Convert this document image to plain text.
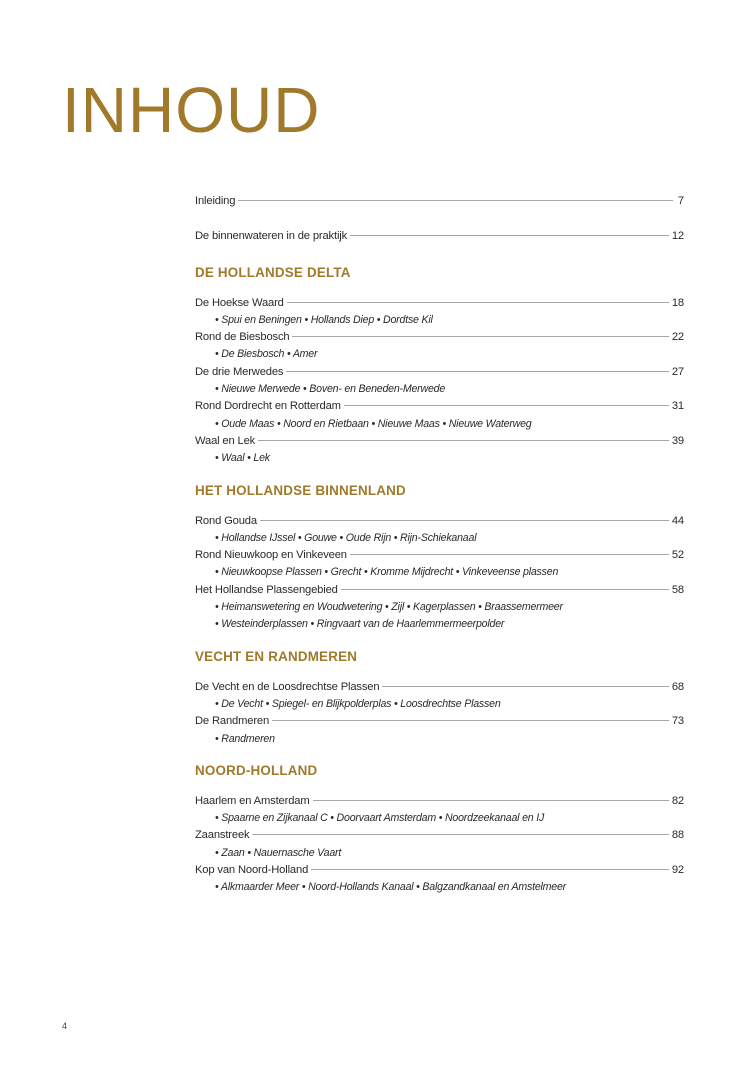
INHOUD
Inleiding	7
De binnenwateren in de praktijk	12
DE HOLLANDSE DELTA
De Hoekse Waard	18
• Spui en Beningen • Hollands Diep • Dordtse Kil
Rond de Biesbosch	22
• De Biesbosch • Amer
De drie Merwedes	27
• Nieuwe Merwede • Boven- en Beneden-Merwede
Rond Dordrecht en Rotterdam	31
• Oude Maas • Noord en Rietbaan • Nieuwe Maas • Nieuwe Waterweg
Waal en Lek	39
• Waal • Lek
HET HOLLANDSE BINNENLAND
Rond Gouda	44
• Hollandse IJssel • Gouwe • Oude Rijn • Rijn-Schiekanaal
Rond Nieuwkoop en Vinkeveen	52
• Nieuwkoopse Plassen • Grecht • Kromme Mijdrecht • Vinkeveense plassen
Het Hollandse Plassengebied	58
• Heimanswetering en Woudwetering • Zijl • Kagerplassen • Braassemermeer
• Westeinderplassen • Ringvaart van de Haarlemmermeerpolder
VECHT EN RANDMEREN
De Vecht en de Loosdrechtse Plassen	68
• De Vecht • Spiegel- en Blijkpolderplas • Loosdrechtse Plassen
De Randmeren	73
• Randmeren
NOORD-HOLLAND
Haarlem en Amsterdam	82
• Spaarne en Zijkanaal C • Doorvaart Amsterdam • Noordzeekanaal en IJ
Zaanstreek	88
• Zaan • Nauernasche Vaart
Kop van Noord-Holland	92
• Alkmaarder Meer • Noord-Hollands Kanaal • Balgzandkanaal en Amstelmeer
4
